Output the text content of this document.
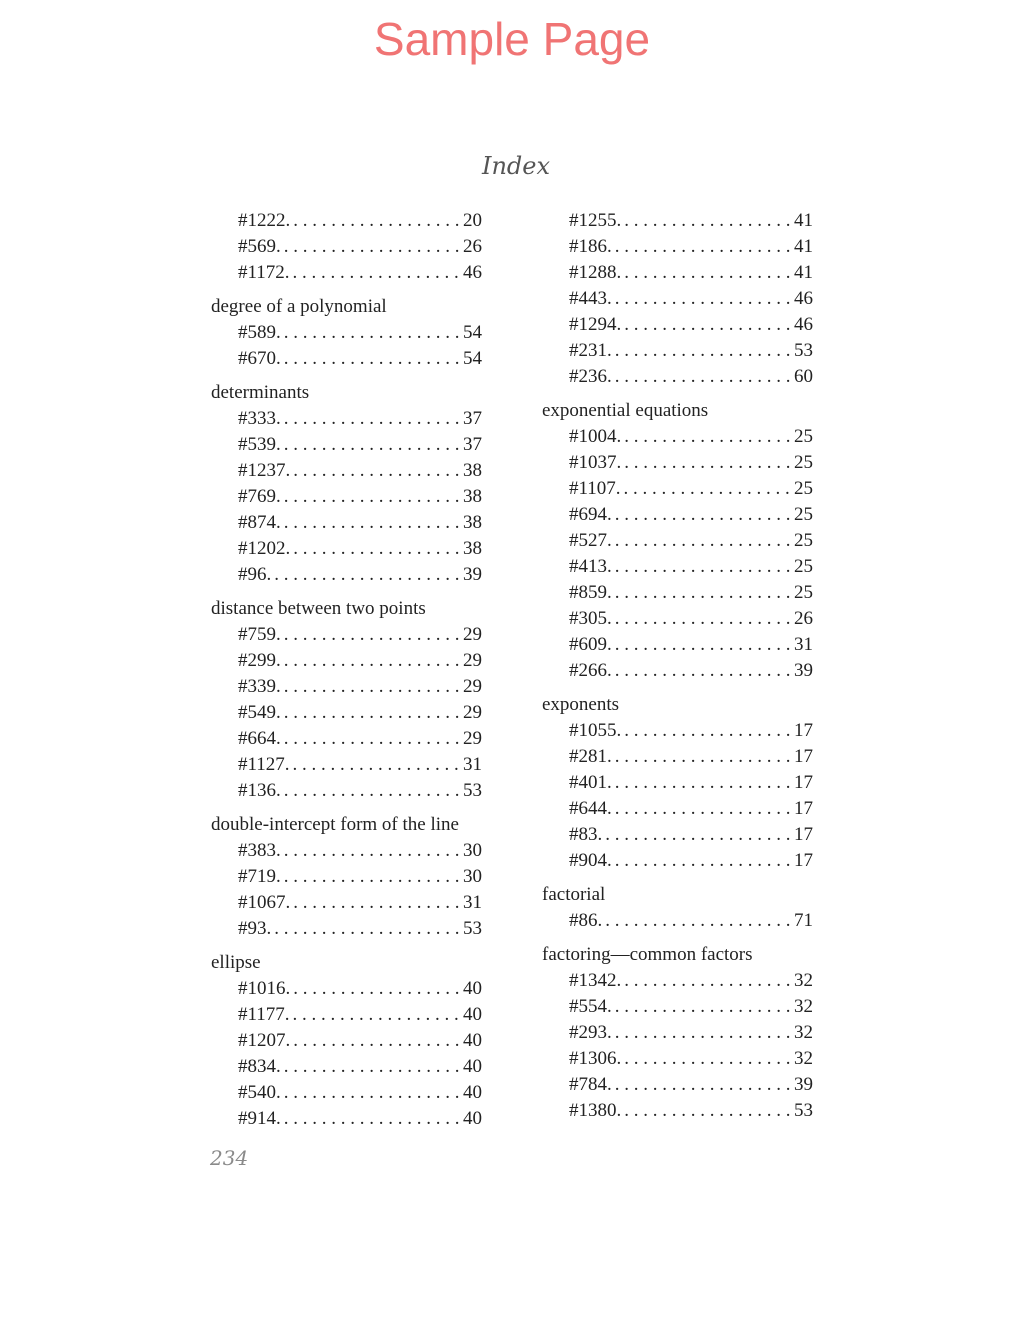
Sample Page
Index
#1222. . . .	20
#569. . . .	26
#1172. . . .	46
degree of a polynomial
#589. . . .	54
#670. . . .	54
determinants
#333. . . .	37
#539. . . .	37
#1237. . . .	38
#769. . . .	38
#874. . . .	38
#1202. . . .	38
#96. . . .	39
distance between two points
#759. . . .	29
#299. . . .	29
#339. . . .	29
#549. . . .	29
#664. . . .	29
#1127. . . .	31
#136. . . .	53
double-intercept form of the line
#383. . . .	30
#719. . . .	30
#1067. . . .	31
#93. . . .	53
ellipse
#1016. . . .	40
#1177. . . .	40
#1207. . . .	40
#834. . . .	40
#540. . . .	40
#914. . . .	40
#1255. . . .	41
#186. . . .	41
#1288. . . .	41
#443. . . .	46
#1294. . . .	46
#231. . . .	53
#236. . . .	60
exponential equations
#1004. . . .	25
#1037. . . .	25
#1107. . . .	25
#694. . . .	25
#527. . . .	25
#413. . . .	25
#859. . . .	25
#305. . . .	26
#609. . . .	31
#266. . . .	39
exponents
#1055. . . .	17
#281. . . .	17
#401. . . .	17
#644. . . .	17
#83. . . .	17
#904. . . .	17
factorial
#86. . . .	71
factoring—common factors
#1342. . . .	32
#554. . . .	32
#293. . . .	32
#1306. . . .	32
#784. . . .	39
#1380. . . .	53
234
